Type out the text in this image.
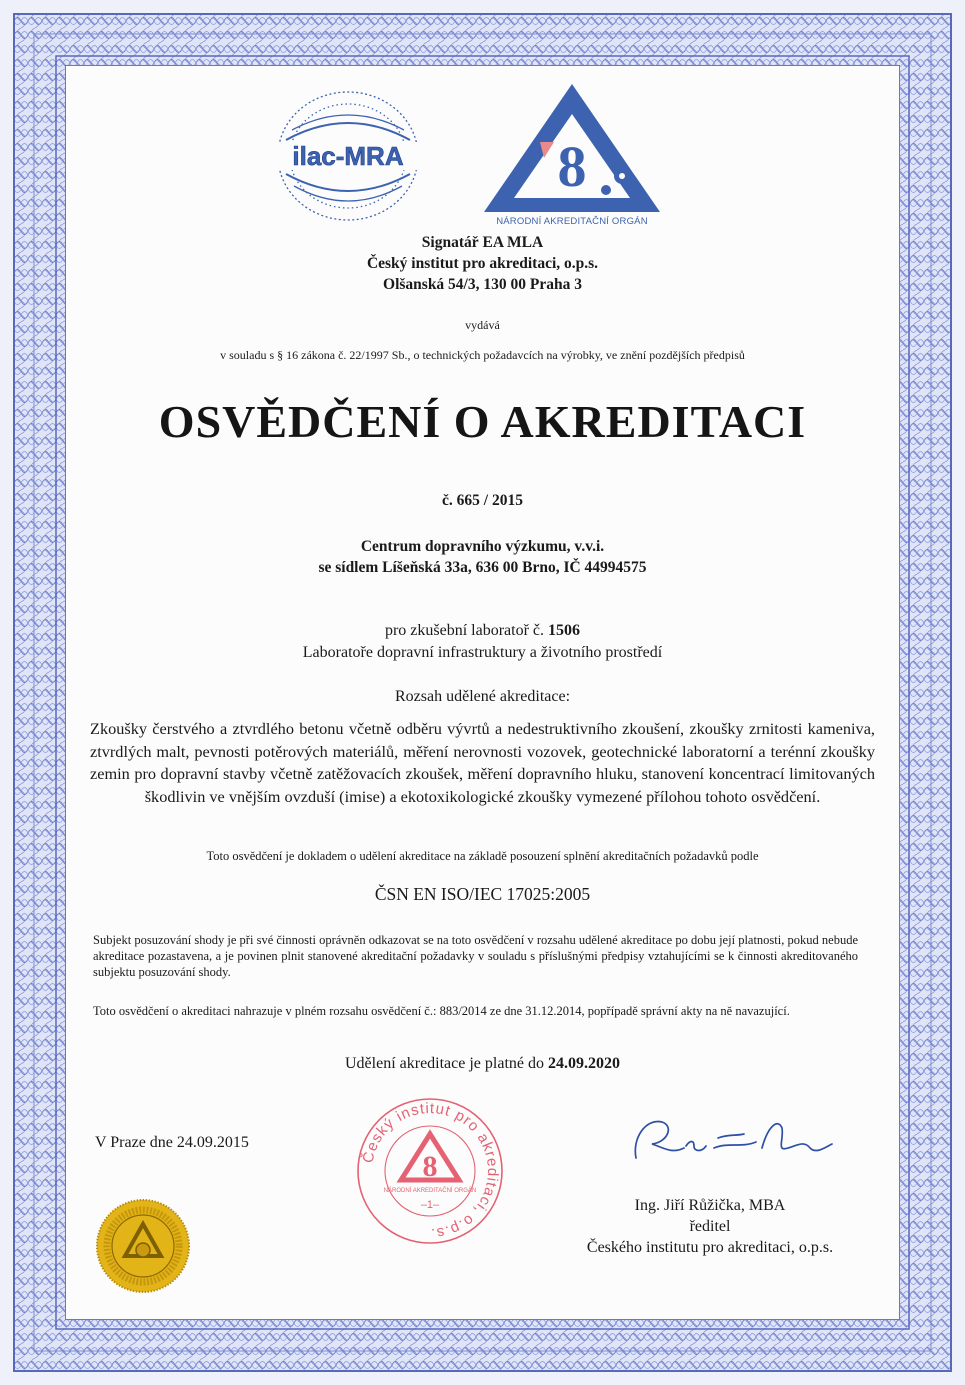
ilac-MRA	8
NÁRODNÍ AKREDITAČNÍ ORGÁN
Signatář EA MLA
Český institut pro akreditaci, o.p.s.
Olšanská 54/3, 130 00 Praha 3
vydává
v souladu s § 16 zákona č. 22/1997 Sb., o technických požadavcích na výrobky, ve znění pozdějších předpisů
OSVĚDČENÍ O AKREDITACI
č. 665 / 2015
Centrum dopravního výzkumu, v.v.i.
se sídlem Líšeňská 33a, 636 00 Brno, IČ 44994575
pro zkušební laboratoř č. 1506
Laboratoře dopravní infrastruktury a životního prostředí
Rozsah udělené akreditace:
Zkoušky čerstvého a ztvrdlého betonu včetně odběru vývrtů a nedestruktivního zkoušení, zkoušky zrnitosti kameniva, ztvrdlých malt, pevnosti potěrových materiálů, měření nerovnosti vozovek, geotechnické laboratorní a terénní zkoušky zemin pro dopravní stavby včetně zatěžovacích zkoušek, měření dopravního hluku, stanovení koncentrací limitovaných škodlivin ve vnějším ovzduší (imise) a ekotoxikologické zkoušky vymezené přílohou tohoto osvědčení.
Toto osvědčení je dokladem o udělení akreditace na základě posouzení splnění akreditačních požadavků podle
ČSN EN ISO/IEC 17025:2005
Subjekt posuzování shody je při své činnosti oprávněn odkazovat se na toto osvědčení v rozsahu udělené akreditace po dobu její platnosti, pokud nebude akreditace pozastavena, a je povinen plnit stanovené akreditační požadavky v souladu s příslušnými předpisy vztahujícími se k činnosti akreditovaného subjektu posuzování shody.
Toto osvědčení o akreditaci nahrazuje v plném rozsahu osvědčení č.: 883/2014 ze dne 31.12.2014, popřípadě správní akty na ně navazující.
Udělení akreditace je platné do 24.09.2020
V Praze dne 24.09.2015
Český institut pro akreditaci, o.p.s.
8
NÁRODNÍ AKREDITAČNÍ ORGÁN
–1–	Ing. Jiří Růžička, MBA
ředitel
Českého institutu pro akreditaci, o.p.s.
